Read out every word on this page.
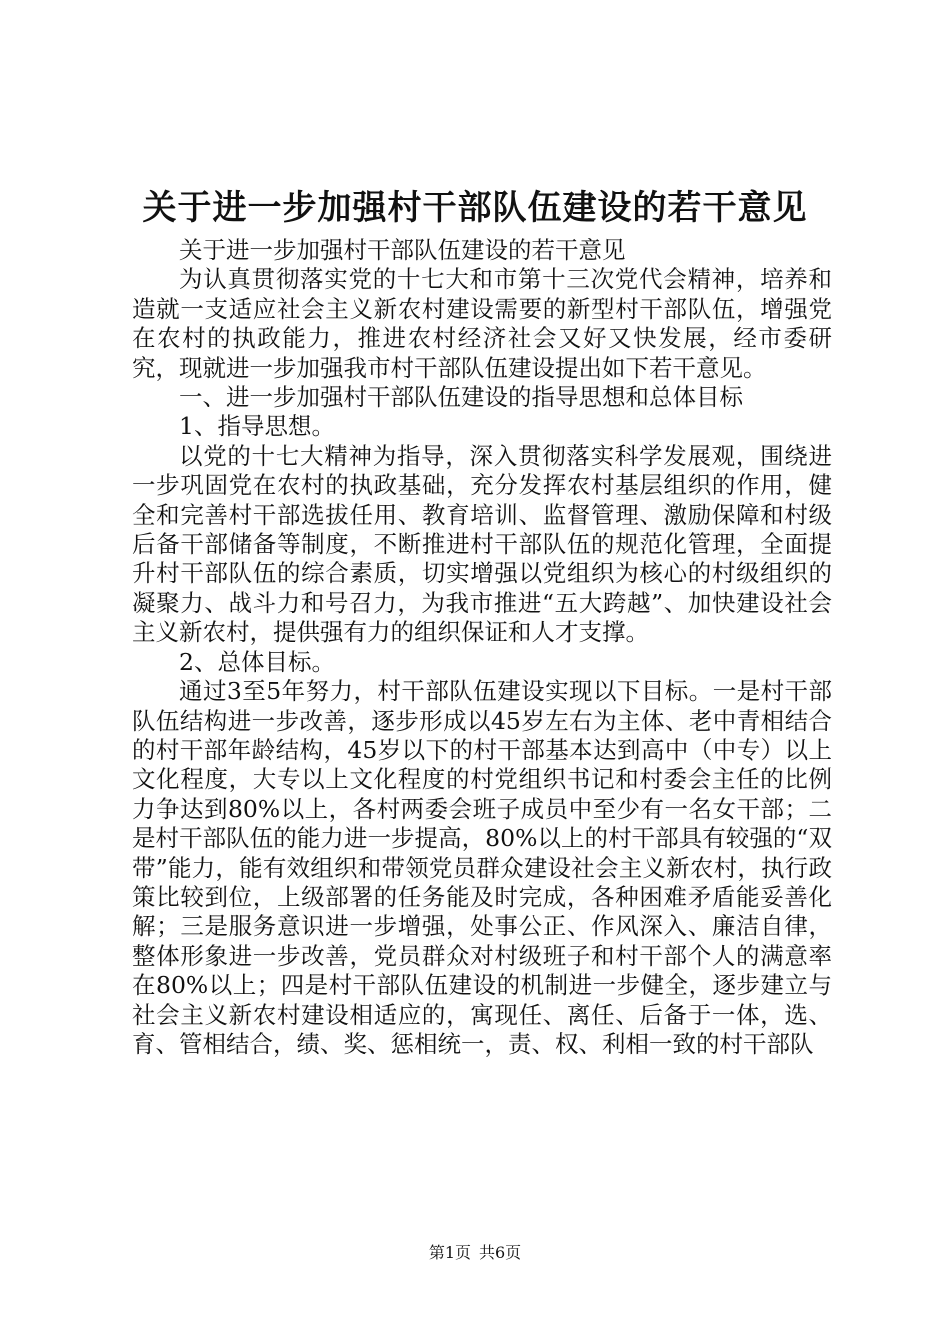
关于进一步加强村干部队伍建设的若干意见

关于进一步加强村干部队伍建设的若干意见

为认真贯彻落实党的十七大和市第十三次党代会精神，培养和造就一支适应社会主义新农村建设需要的新型村干部队伍，增强党在农村的执政能力，推进农村经济社会又好又快发展，经市委研究，现就进一步加强我市村干部队伍建设提出如下若干意见。

一、进一步加强村干部队伍建设的指导思想和总体目标

1、指导思想。

以党的十七大精神为指导，深入贯彻落实科学发展观，围绕进一步巩固党在农村的执政基础，充分发挥农村基层组织的作用，健全和完善村干部选拔任用、教育培训、监督管理、激励保障和村级后备干部储备等制度，不断推进村干部队伍的规范化管理，全面提升村干部队伍的综合素质，切实增强以党组织为核心的村级组织的凝聚力、战斗力和号召力，为我市推进“五大跨越”、加快建设社会主义新农村，提供强有力的组织保证和人才支撑。

2、总体目标。

通过3至5年努力，村干部队伍建设实现以下目标。一是村干部队伍结构进一步改善，逐步形成以45岁左右为主体、老中青相结合的村干部年龄结构，45岁以下的村干部基本达到高中（中专）以上文化程度，大专以上文化程度的村党组织书记和村委会主任的比例力争达到80%以上，各村两委会班子成员中至少有一名女干部；二是村干部队伍的能力进一步提高，80%以上的村干部具有较强的“双带”能力，能有效组织和带领党员群众建设社会主义新农村，执行政策比较到位，上级部署的任务能及时完成，各种困难矛盾能妥善化解；三是服务意识进一步增强，处事公正、作风深入、廉洁自律，整体形象进一步改善，党员群众对村级班子和村干部个人的满意率在80%以上；四是村干部队伍建设的机制进一步健全，逐步建立与社会主义新农村建设相适应的，寓现任、离任、后备于一体，选、育、管相结合，绩、奖、惩相统一，责、权、利相一致的村干部队

第1页 共6页
